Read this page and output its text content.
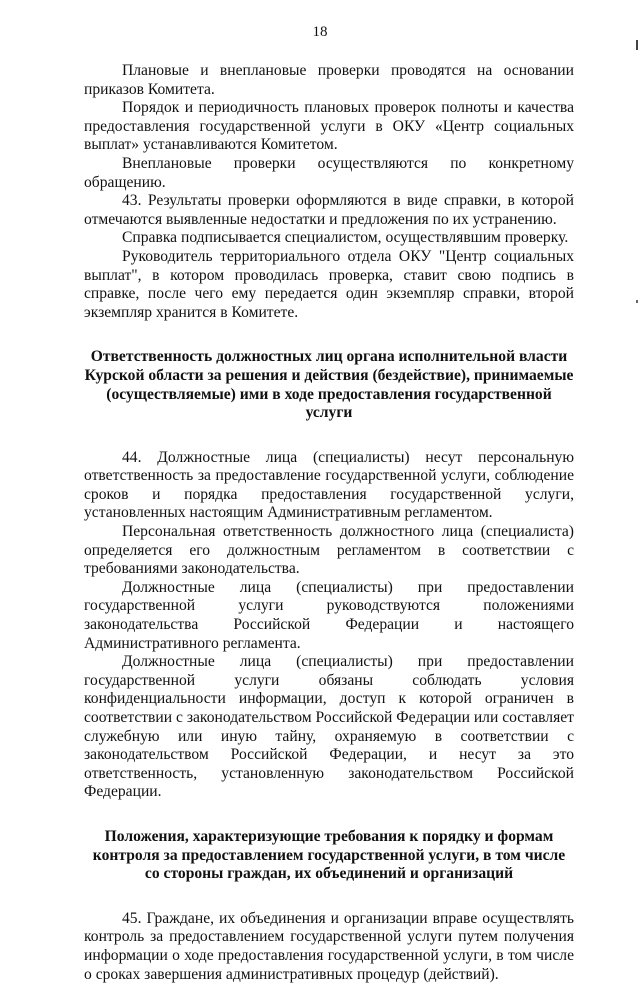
18

Плановые и внеплановые проверки проводятся на основании приказов Комитета.

Порядок и периодичность плановых проверок полноты и качества предоставления государственной услуги в ОКУ «Центр социальных выплат» устанавливаются Комитетом.

Внеплановые проверки осуществляются по конкретному обращению.

43. Результаты проверки оформляются в виде справки, в которой отмечаются выявленные недостатки и предложения по их устранению.

Справка подписывается специалистом, осуществлявшим проверку.

Руководитель территориального отдела ОКУ "Центр социальных выплат", в котором проводилась проверка, ставит свою подпись в справке, после чего ему передается один экземпляр справки, второй экземпляр хранится в Комитете.

Ответственность должностных лиц органа исполнительной власти Курской области за решения и действия (бездействие), принимаемые (осуществляемые) ими в ходе предоставления государственной услуги

44. Должностные лица (специалисты) несут персональную ответственность за предоставление государственной услуги, соблюдение сроков и порядка предоставления государственной услуги, установленных настоящим Административным регламентом.

Персональная ответственность должностного лица (специалиста) определяется его должностным регламентом в соответствии с требованиями законодательства.

Должностные лица (специалисты) при предоставлении государственной услуги руководствуются положениями законодательства Российской Федерации и настоящего Административного регламента.

Должностные лица (специалисты) при предоставлении государственной услуги обязаны соблюдать условия конфиденциальности информации, доступ к которой ограничен в соответствии с законодательством Российской Федерации или составляет служебную или иную тайну, охраняемую в соответствии с законодательством Российской Федерации, и несут за это ответственность, установленную законодательством Российской Федерации.

Положения, характеризующие требования к порядку и формам контроля за предоставлением государственной услуги, в том числе со стороны граждан, их объединений и организаций

45. Граждане, их объединения и организации вправе осуществлять контроль за предоставлением государственной услуги путем получения информации о ходе предоставления государственной услуги, в том числе о сроках завершения административных процедур (действий).
